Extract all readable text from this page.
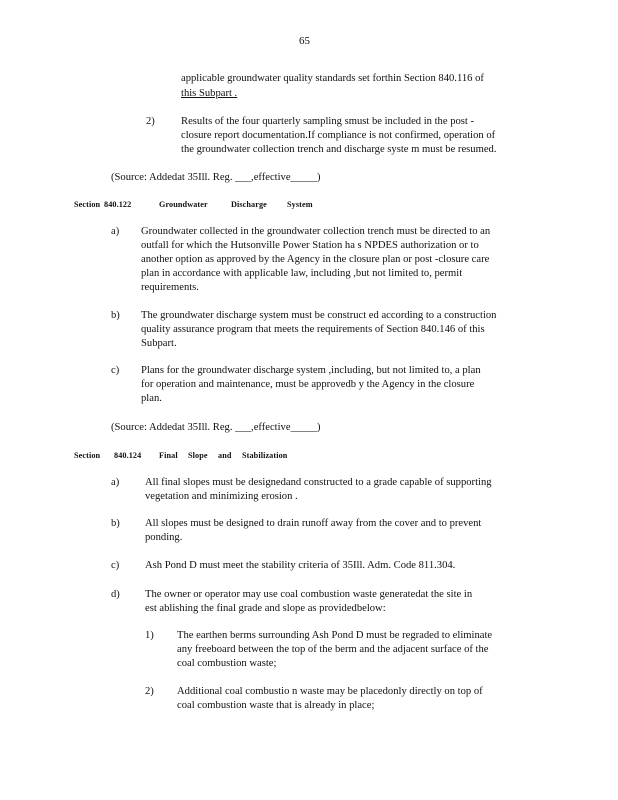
65
applicable groundwater quality standards set forthin Section 840.116 of
this Subpart .
2) Results of the four quarterly sampling smust be included in the post -
closure report documentation.If compliance is not confirmed, operation of
the groundwater collection trench and discharge syste m must be resumed.
(Source: Addedat 35Ill. Reg. ___,effective_____)
Section 840.122	Groundwater	Discharge System
a) Groundwater collected in the groundwater collection trench must be directed to an
outfall for which the Hutsonville Power Station ha s NPDES authorization or to
another option as approved by the Agency in the closure plan or post -closure care
plan in accordance with applicable law, including ,but not limited to, permit
requirements.
b) The groundwater discharge system must be construct ed according to a construction
quality assurance program that meets the requirements of Section 840.146 of this
Subpart.
c) Plans for the groundwater discharge system ,including, but not limited to, a plan
for operation and maintenance, must be approvedb y the Agency in the closure
plan.
(Source: Addedat 35Ill. Reg. ___,effective_____)
Section 840.124 Final Slope and Stabilization
a) All final slopes must be designedand constructed to a grade capable of supporting
vegetation and minimizing erosion .
b) All slopes must be designed to drain runoff away from the cover and to prevent
ponding.
c) Ash Pond D must meet the stability criteria of 35Ill. Adm. Code 811.304.
d) The owner or operator may use coal combustion waste generatedat the site in
est ablishing the final grade and slope as providedbelow:
1) The earthen berms surrounding Ash Pond D must be regraded to eliminate
any freeboard between the top of the berm and the adjacent surface of the
coal combustion waste;
2) Additional coal combustio n waste may be placedonly directly on top of
coal combustion waste that is already in place;
